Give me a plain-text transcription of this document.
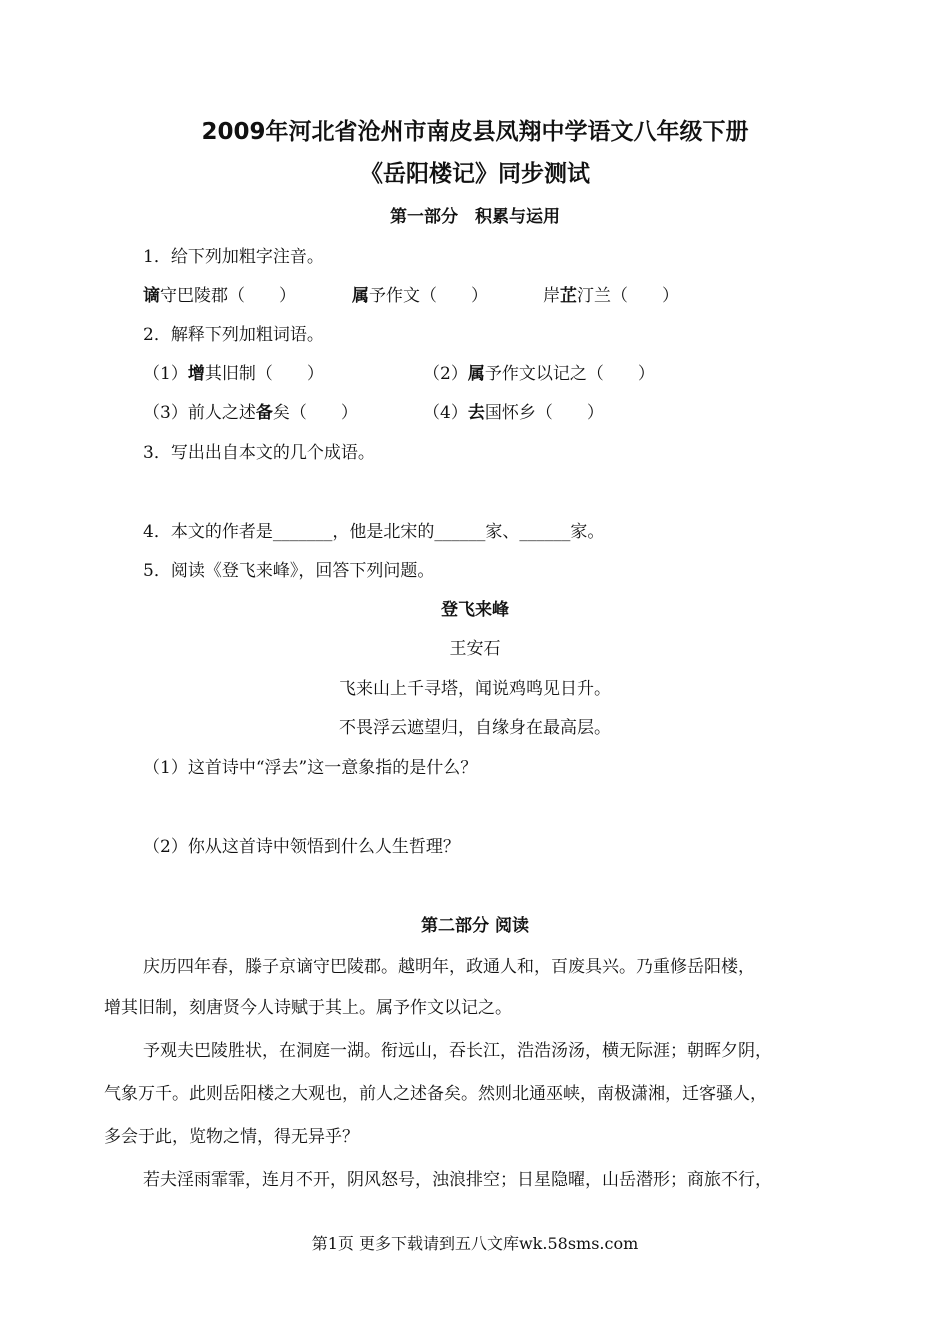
2009年河北省沧州市南皮县凤翔中学语文八年级下册
《岳阳楼记》同步测试
第一部分　积累与运用
1．给下列加粗字注音。
谪守巴陵郡（　　）	属予作文（　　）	岸芷汀兰（　　）
2．解释下列加粗词语。
（1）增其旧制（　　）	（2）属予作文以记之（　　）
（3）前人之述备矣（　　）	（4）去国怀乡（　　）
3．写出出自本文的几个成语。
4．本文的作者是_______，他是北宋的______家、______家。
5．阅读《登飞来峰》，回答下列问题。
登飞来峰
王安石
飞来山上千寻塔，闻说鸡鸣见日升。
不畏浮云遮望归，自缘身在最高层。
（1）这首诗中“浮去”这一意象指的是什么？
（2）你从这首诗中领悟到什么人生哲理？
第二部分 阅读
庆历四年春，滕子京谪守巴陵郡。越明年，政通人和，百废具兴。乃重修岳阳楼，
增其旧制，刻唐贤今人诗赋于其上。属予作文以记之。
予观夫巴陵胜状，在洞庭一湖。衔远山，吞长江，浩浩汤汤，横无际涯；朝晖夕阴，
气象万千。此则岳阳楼之大观也，前人之述备矣。然则北通巫峡，南极潇湘，迁客骚人，
多会于此，览物之情，得无异乎？
若夫淫雨霏霏，连月不开，阴风怒号，浊浪排空；日星隐曜，山岳潜形；商旅不行，
第1页 更多下载请到五八文库wk.58sms.com
